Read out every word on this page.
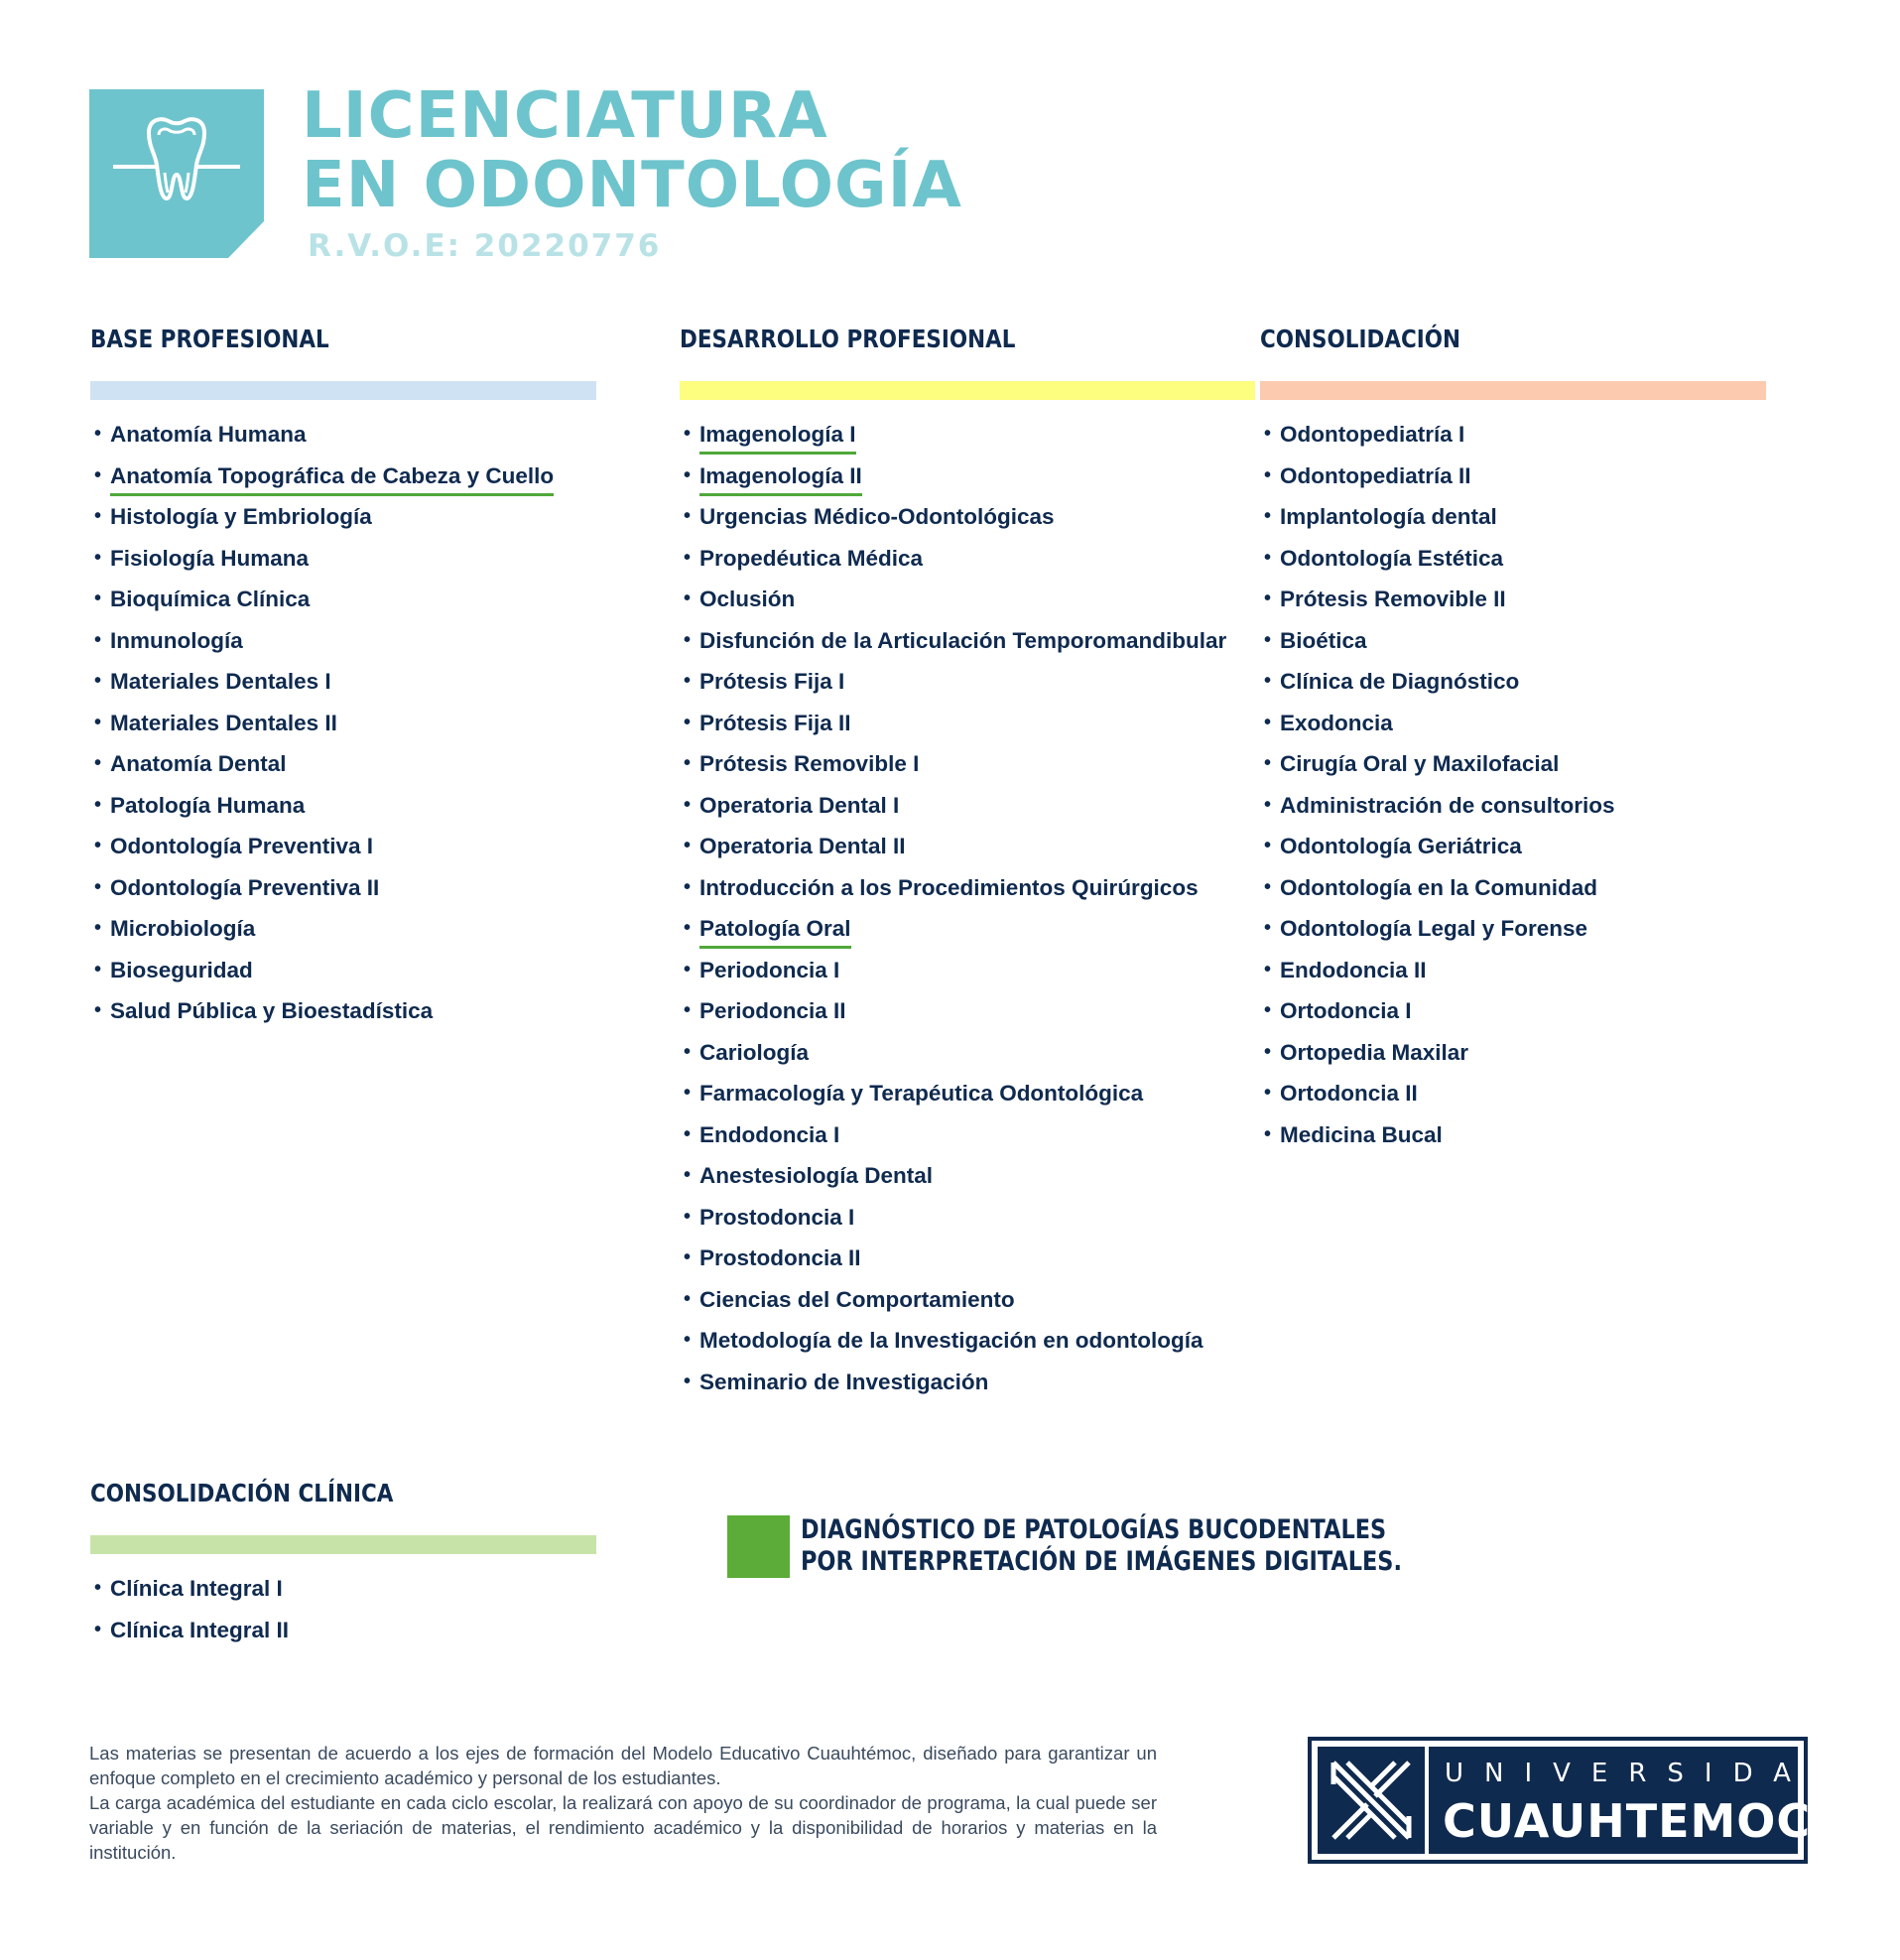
LICENCIATURA
EN ODONTOLOGÍA
R.V.O.E: 20220776
BASE PROFESIONAL
• Anatomía Humana
• Anatomía Topográfica de Cabeza y Cuello
• Histología y Embriología
• Fisiología Humana
• Bioquímica Clínica
• Inmunología
• Materiales Dentales I
• Materiales Dentales II
• Anatomía Dental
• Patología Humana
• Odontología Preventiva I
• Odontología Preventiva II
• Microbiología
• Bioseguridad
• Salud Pública y Bioestadística
DESARROLLO PROFESIONAL
• Imagenología I
• Imagenología II
• Urgencias Médico-Odontológicas
• Propedéutica Médica
• Oclusión
• Disfunción de la Articulación Temporomandibular
• Prótesis Fija I
• Prótesis Fija II
• Prótesis Removible I
• Operatoria Dental I
• Operatoria Dental II
• Introducción a los Procedimientos Quirúrgicos
• Patología Oral
• Periodoncia I
• Periodoncia II
• Cariología
• Farmacología y Terapéutica Odontológica
• Endodoncia I
• Anestesiología Dental
• Prostodoncia I
• Prostodoncia II
• Ciencias del Comportamiento
• Metodología de la Investigación en odontología
• Seminario de Investigación
CONSOLIDACIÓN
• Odontopediatría I
• Odontopediatría II
• Implantología dental
• Odontología Estética
• Prótesis Removible II
• Bioética
• Clínica de Diagnóstico
• Exodoncia
• Cirugía Oral y Maxilofacial
• Administración de consultorios
• Odontología Geriátrica
• Odontología en la Comunidad
• Odontología Legal y Forense
• Endodoncia II
• Ortodoncia I
• Ortopedia Maxilar
• Ortodoncia II
• Medicina Bucal
CONSOLIDACIÓN CLÍNICA
• Clínica Integral I
• Clínica Integral II
DIAGNÓSTICO DE PATOLOGÍAS BUCODENTALES
POR INTERPRETACIÓN DE IMÁGENES DIGITALES.

Las materias se presentan de acuerdo a los ejes de formación del Modelo Educativo Cuauhtémoc, diseñado para garantizar un enfoque completo en el crecimiento académico y personal de los estudiantes.

La carga académica del estudiante en cada ciclo escolar, la realizará con apoyo de su coordinador de programa, la cual puede ser variable y en función de la seriación de materias, el rendimiento académico y la disponibilidad de horarios y materias en la institución.

UNIVERSIDAD
CUAUHTEMOC
